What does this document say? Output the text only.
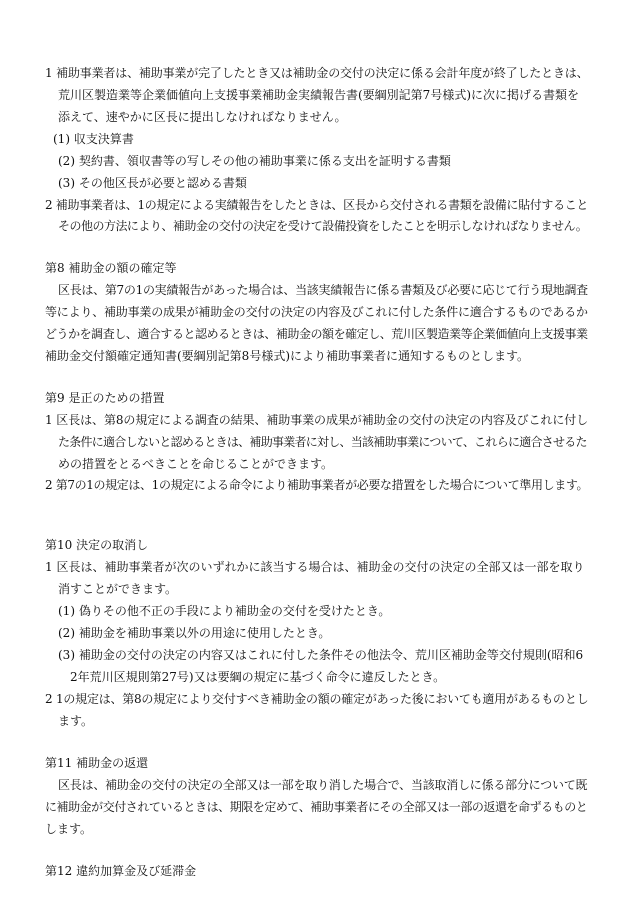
1 補助事業者は、補助事業が完了したとき又は補助金の交付の決定に係る会計年度が終了したときは、
荒川区製造業等企業価値向上支援事業補助金実績報告書(要綱別記第7号様式)に次に掲げる書類を
添えて、速やかに区長に提出しなければなりません。
(1) 収支決算書
(2) 契約書、領収書等の写しその他の補助事業に係る支出を証明する書類
(3) その他区長が必要と認める書類
2 補助事業者は、1の規定による実績報告をしたときは、区長から交付される書類を設備に貼付すること
その他の方法により、補助金の交付の決定を受けて設備投資をしたことを明示しなければなりません。
第8 補助金の額の確定等
区長は、第7の1の実績報告があった場合は、当該実績報告に係る書類及び必要に応じて行う現地調査
等により、補助事業の成果が補助金の交付の決定の内容及びこれに付した条件に適合するものであるか
どうかを調査し、適合すると認めるときは、補助金の額を確定し、荒川区製造業等企業価値向上支援事業
補助金交付額確定通知書(要綱別記第8号様式)により補助事業者に通知するものとします。
第9 是正のための措置
1 区長は、第8の規定による調査の結果、補助事業の成果が補助金の交付の決定の内容及びこれに付し
た条件に適合しないと認めるときは、補助事業者に対し、当該補助事業について、これらに適合させるた
めの措置をとるべきことを命じることができます。
2 第7の1の規定は、1の規定による命令により補助事業者が必要な措置をした場合について準用します。
第10 決定の取消し
1 区長は、補助事業者が次のいずれかに該当する場合は、補助金の交付の決定の全部又は一部を取り
消すことができます。
(1) 偽りその他不正の手段により補助金の交付を受けたとき。
(2) 補助金を補助事業以外の用途に使用したとき。
(3) 補助金の交付の決定の内容又はこれに付した条件その他法令、荒川区補助金等交付規則(昭和6
2年荒川区規則第27号)又は要綱の規定に基づく命令に違反したとき。
2 1の規定は、第8の規定により交付すべき補助金の額の確定があった後においても適用があるものとし
ます。
第11 補助金の返還
区長は、補助金の交付の決定の全部又は一部を取り消した場合で、当該取消しに係る部分について既
に補助金が交付されているときは、期限を定めて、補助事業者にその全部又は一部の返還を命ずるものと
します。
第12 違約加算金及び延滞金
